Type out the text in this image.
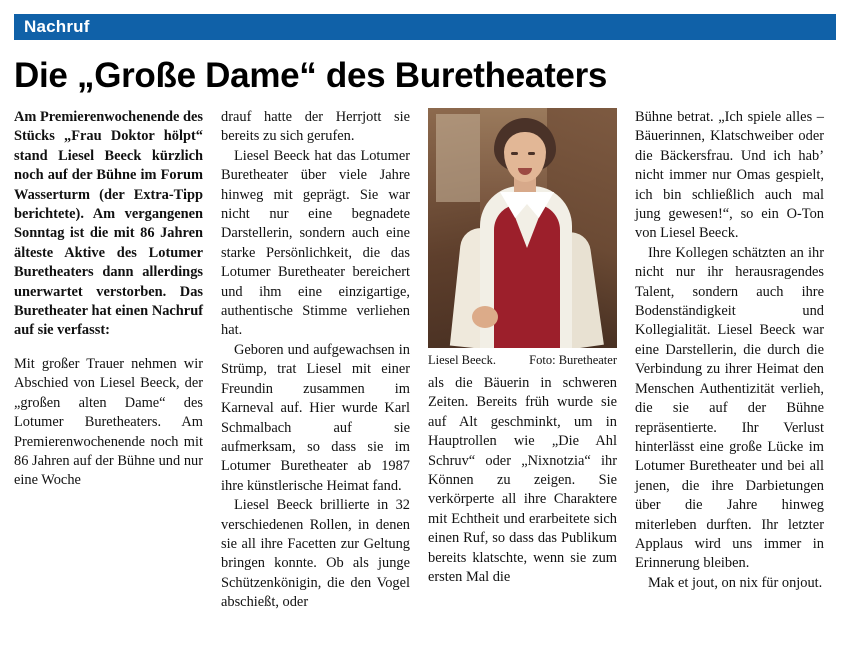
Nachruf
Die „Große Dame“ des Buretheaters

Am Premierenwochenende des Stücks „Frau Doktor hölpt“ stand Liesel Beeck kürzlich noch auf der Bühne im Forum Wasserturm (der Extra-Tipp berichtete). Am vergangenen Sonntag ist die mit 86 Jahren älteste Aktive des Lotumer Buretheaters dann allerdings unerwartet verstorben. Das Buretheater hat einen Nachruf auf sie verfasst:

Mit großer Trauer nehmen wir Abschied von Liesel Beeck, der „großen alten Dame“ des Lotumer Buretheaters. Am Premierenwochenende noch mit 86 Jahren auf der Bühne und nur eine Woche

drauf hatte der Herrjott sie bereits zu sich gerufen.

Liesel Beeck hat das Lotumer Buretheater über viele Jahre hinweg mit geprägt. Sie war nicht nur eine begnadete Darstellerin, sondern auch eine starke Persönlichkeit, die das Lotumer Buretheater bereichert und ihm eine einzigartige, authentische Stimme verliehen hat.

Geboren und aufgewachsen in Strümp, trat Liesel mit einer Freundin zusammen im Karneval auf. Hier wurde Karl Schmalbach auf sie aufmerksam, so dass sie im Lotumer Buretheater ab 1987 ihre künstlerische Heimat fand.

Liesel Beeck brillierte in 32 verschiedenen Rollen, in denen sie all ihre Facetten zur Geltung bringen konnte. Ob als junge Schützenkönigin, die den Vogel abschießt, oder

Liesel Beeck.	Foto: Buretheater

als die Bäuerin in schweren Zeiten. Bereits früh wurde sie auf Alt geschminkt, um in Hauptrollen wie „Die Ahl Schruv“ oder „Nixnotzia“ ihr Können zu zeigen. Sie verkörperte all ihre Charaktere mit Echtheit und erarbeitete sich einen Ruf, so dass das Publikum bereits klatschte, wenn sie zum ersten Mal die

Bühne betrat. „Ich spiele alles – Bäuerinnen, Klatschweiber oder die Bäckersfrau. Und ich hab’ nicht immer nur Omas gespielt, ich bin schließlich auch mal jung gewesen!“, so ein O-Ton von Liesel Beeck.

Ihre Kollegen schätzten an ihr nicht nur ihr herausragendes Talent, sondern auch ihre Bodenständigkeit und Kollegialität. Liesel Beeck war eine Darstellerin, die durch die Verbindung zu ihrer Heimat den Menschen Authentizität verlieh, die sie auf der Bühne repräsentierte. Ihr Verlust hinterlässt eine große Lücke im Lotumer Buretheater und bei all jenen, die ihre Darbietungen über die Jahre hinweg miterleben durften. Ihr letzter Applaus wird uns immer in Erinnerung bleiben.

Mak et jout, on nix für onjout.
